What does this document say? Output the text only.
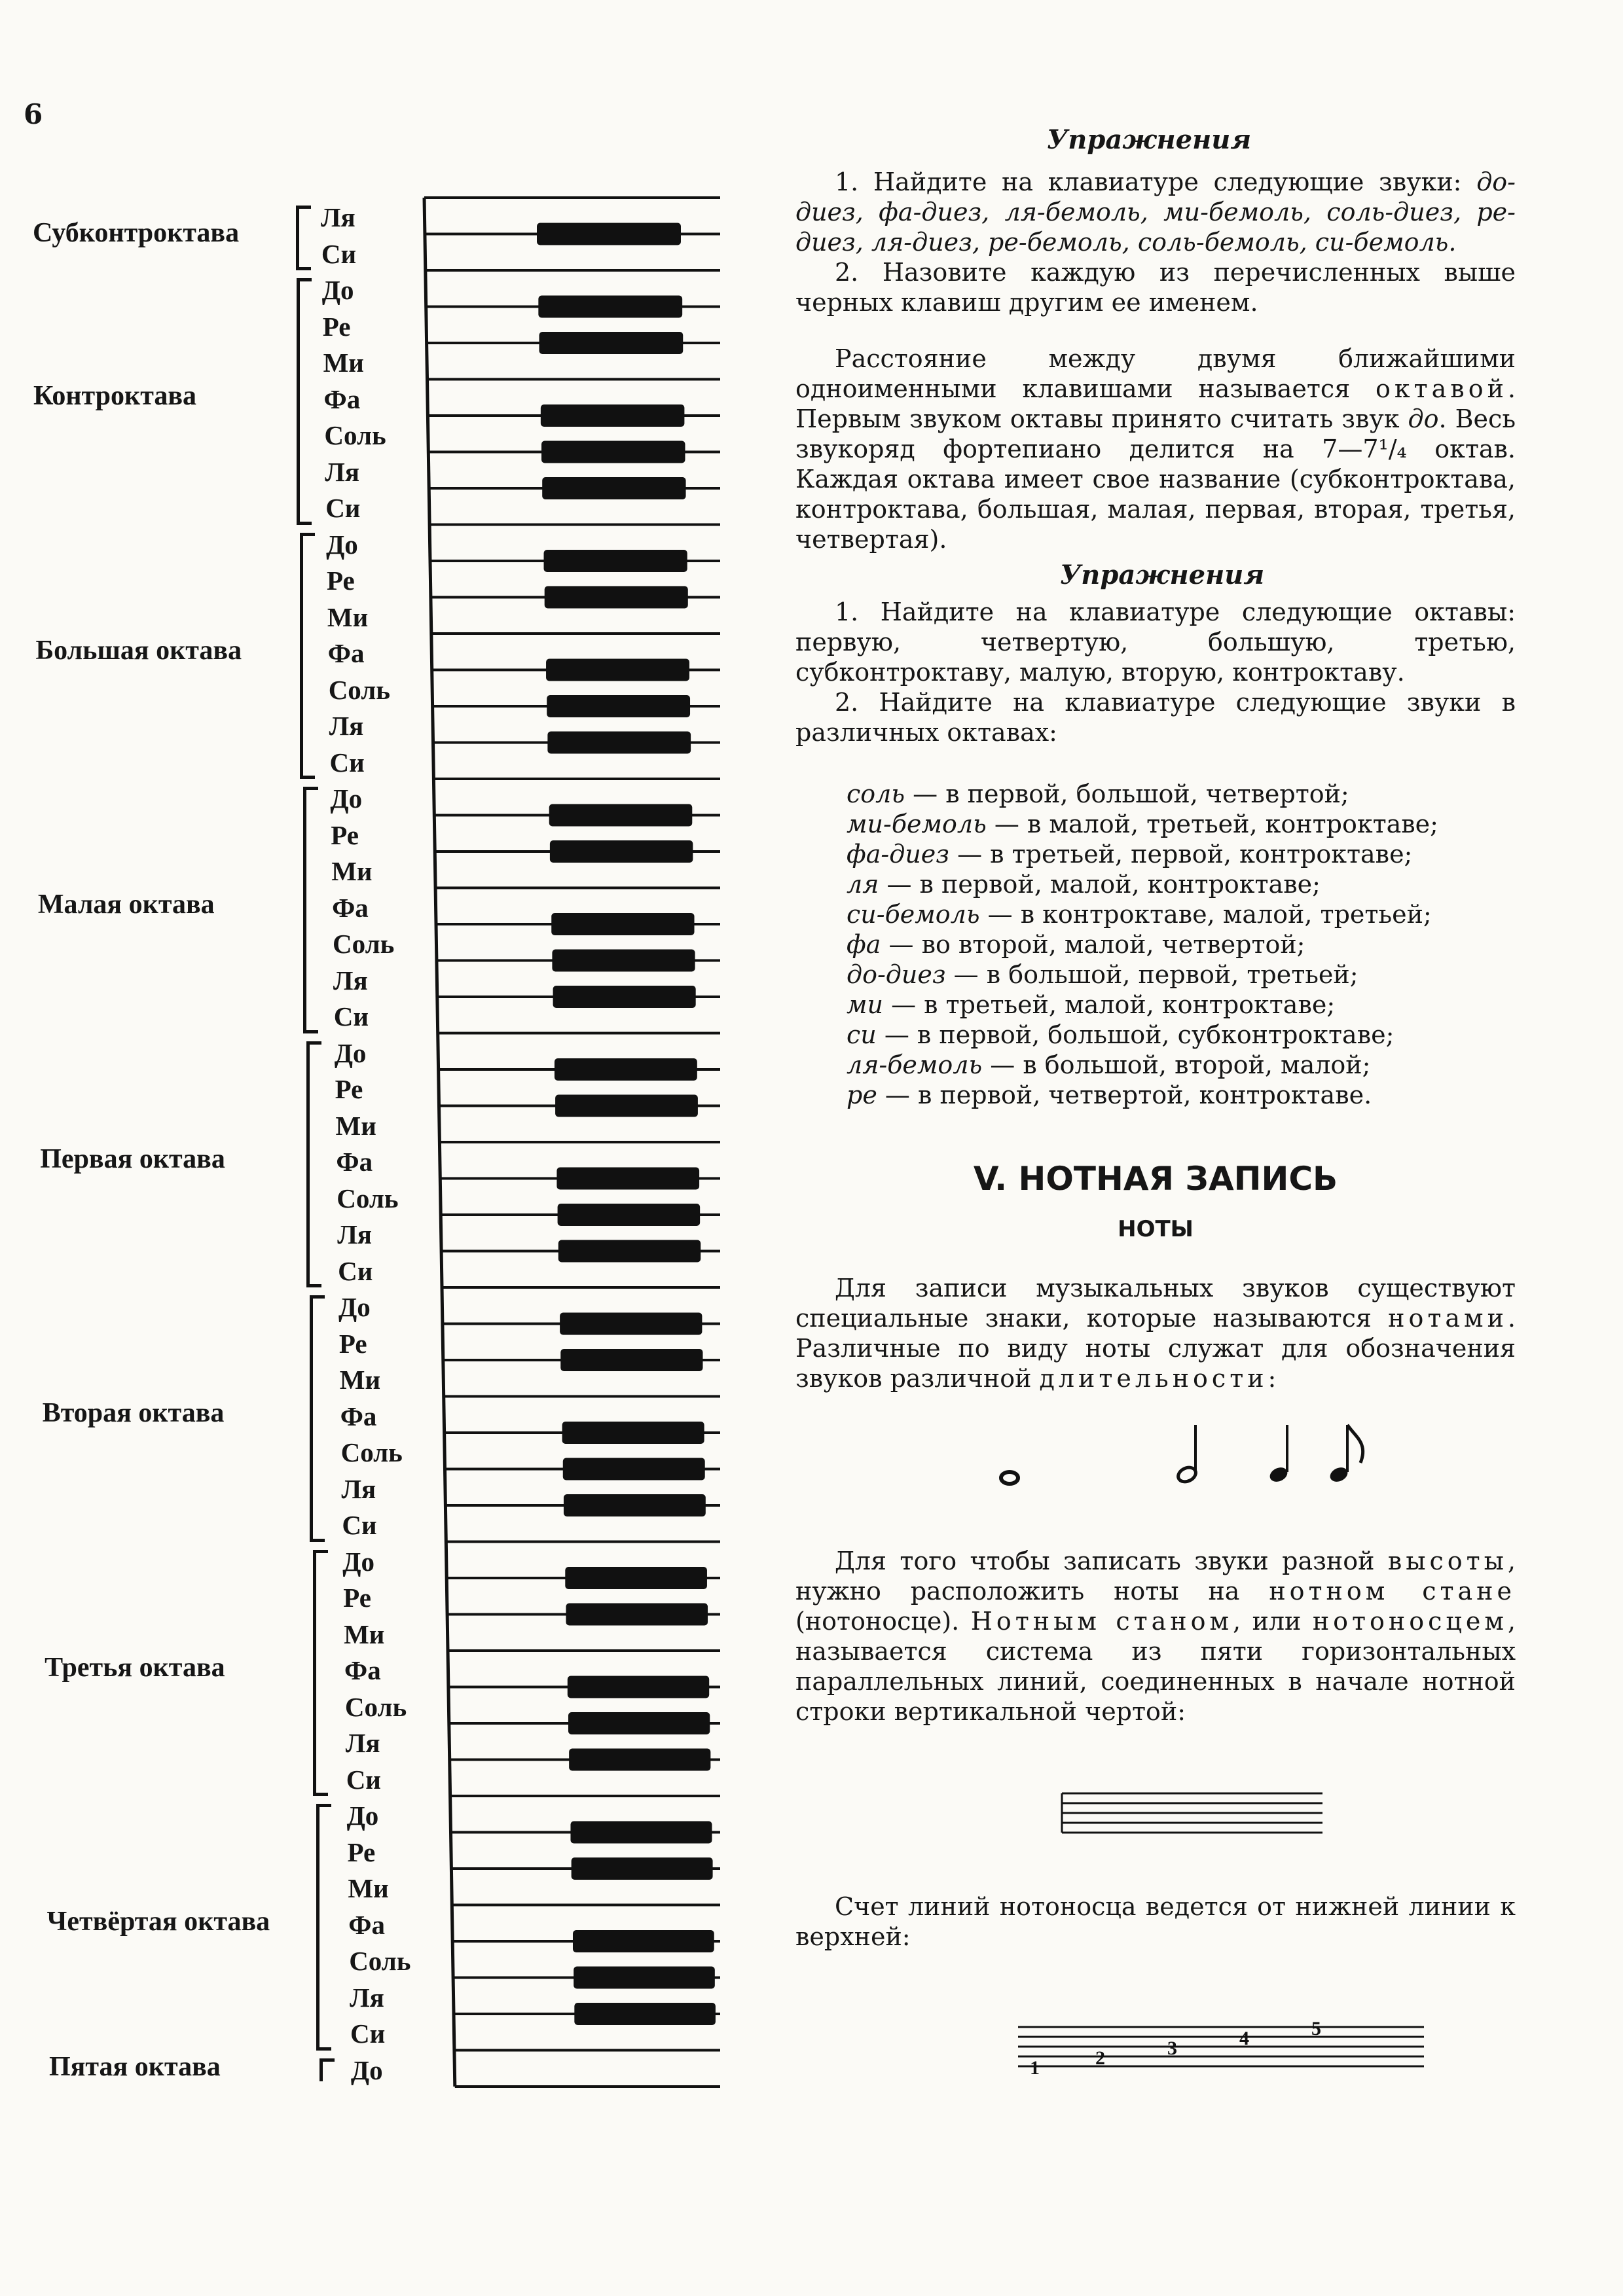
6
Субконтроктава
Ля
Си
Контроктава
До
Ре
Ми
Фа
Соль
Ля
Си
Большая октава
До
Ре
Ми
Фа
Соль
Ля
Си
Малая октава
До
Ре
Ми
Фа
Соль
Ля
Си
Первая октава
До
Ре
Ми
Фа
Соль
Ля
Си
Вторая октава
До
Ре
Ми
Фа
Соль
Ля
Си
Третья октава
До
Ре
Ми
Фа
Соль
Ля
Си
Четвёртая октава
До
Ре
Ми
Фа
Соль
Ля
Си
Пятая октава	До
Упражнения

1. Найдите на клавиатуре следующие звуки: до-диез, фа-диез, ля-бемоль, ми-бемоль, соль-диез, ре-диез, ля-диез, ре-бемоль, соль-бемоль, си-бемоль.

2. Назовите каждую из перечисленных выше черных клавиш другим ее именем.

Расстояние между двумя ближайшими одноименными клавишами называется октавой. Первым звуком октавы принято считать звук до. Весь звукоряд фортепиано делится на 7—7¹/₄ октав. Каждая октава имеет свое название (субконтроктава, контроктава, большая, малая, первая, вторая, третья, четвертая).

Упражнения

1. Найдите на клавиатуре следующие октавы: первую, четвертую, большую, третью, субконтроктаву, малую, вторую, контроктаву.

2. Найдите на клавиатуре следующие звуки в различных октавах:

соль — в первой, большой, четвертой;
ми-бемоль — в малой, третьей, контроктаве;
фа-диез — в третьей, первой, контроктаве;
ля — в первой, малой, контроктаве;
си-бемоль — в контроктаве, малой, третьей;
фа — во второй, малой, четвертой;
до-диез — в большой, первой, третьей;
ми — в третьей, малой, контроктаве;
си — в первой, большой, субконтроктаве;
ля-бемоль — в большой, второй, малой;
ре — в первой, четвертой, контроктаве.
V. НОТНАЯ ЗАПИСЬ
НОТЫ

Для записи музыкальных звуков существуют специальные знаки, которые называются нотами. Различные по виду ноты служат для обозначения звуков различной длительности:

Для того чтобы записать звуки разной высоты, нужно расположить ноты на нотном стане (нотоносце). Нотным станом, или нотоносцем, называется система из пяти горизонтальных параллельных линий, соединенных в начале нотной строки вертикальной чертой:

Счет линий нотоносца ведется от нижней линии к верхней:

1	2	3	4	5
